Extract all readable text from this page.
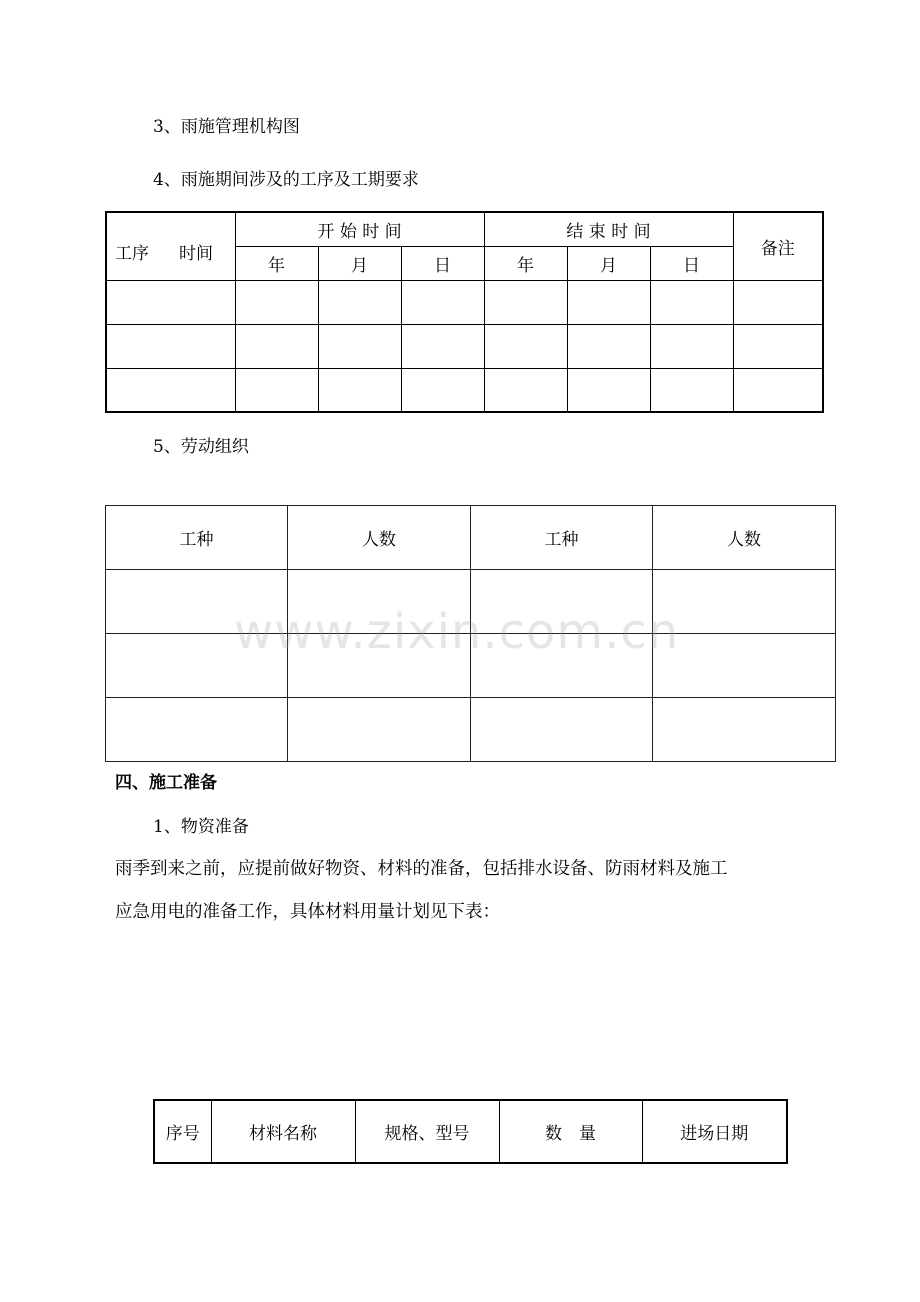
3、雨施管理机构图
4、雨施期间涉及的工序及工期要求
工序 时间	开 始 时 间			结 束 时 间			备注
	年	月	日	年	月	日	

5、劳动组织
工种	人数	工种	人数

www.zixin.com.cn
四、施工准备
1、物资准备
雨季到来之前，应提前做好物资、材料的准备，包括排水设备、防雨材料及施工
应急用电的准备工作，具体材料用量计划见下表：
序号	材料名称	规格、型号	数　量	进场日期
